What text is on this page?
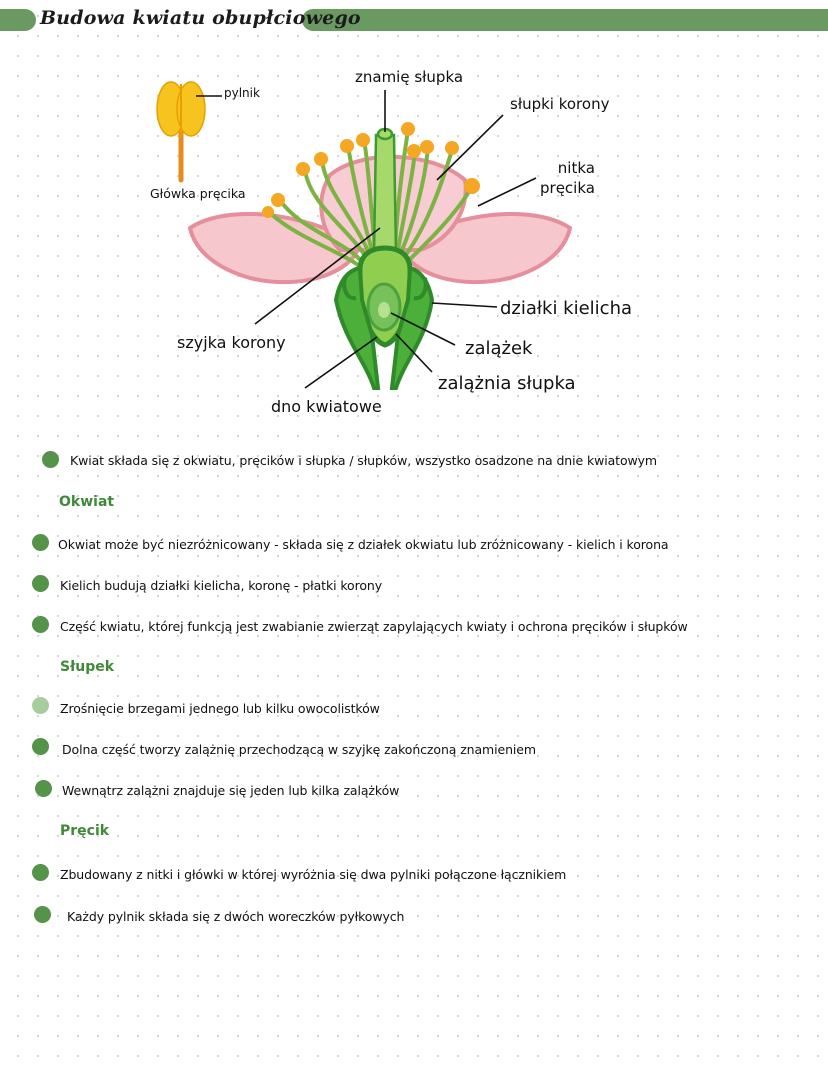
Budowa kwiatu obupłciowego
pylnik
Główka pręcika
znamię słupka
słupki korony
nitka
pręcika
działki kielicha
szyjka korony	zalążek
zalążnia słupka
dno kwiatowe
Kwiat składa się z okwiatu, pręcików i słupka / słupków, wszystko osadzone na dnie kwiatowym
Okwiat
Okwiat może być niezróżnicowany - składa się z działek okwiatu lub zróżnicowany - kielich i korona
Kielich budują działki kielicha, koronę - płatki korony
Część kwiatu, której funkcją jest zwabianie zwierząt zapylających kwiaty i ochrona pręcików i słupków
Słupek
Zrośnięcie brzegami jednego lub kilku owocolistków
Dolna część tworzy zalążnię przechodzącą w szyjkę zakończoną znamieniem
Wewnątrz zalążni znajduje się jeden lub kilka zalążków
Pręcik
Zbudowany z nitki i główki w której wyróżnia się dwa pylniki połączone łącznikiem
Każdy pylnik składa się z dwóch woreczków pyłkowych
